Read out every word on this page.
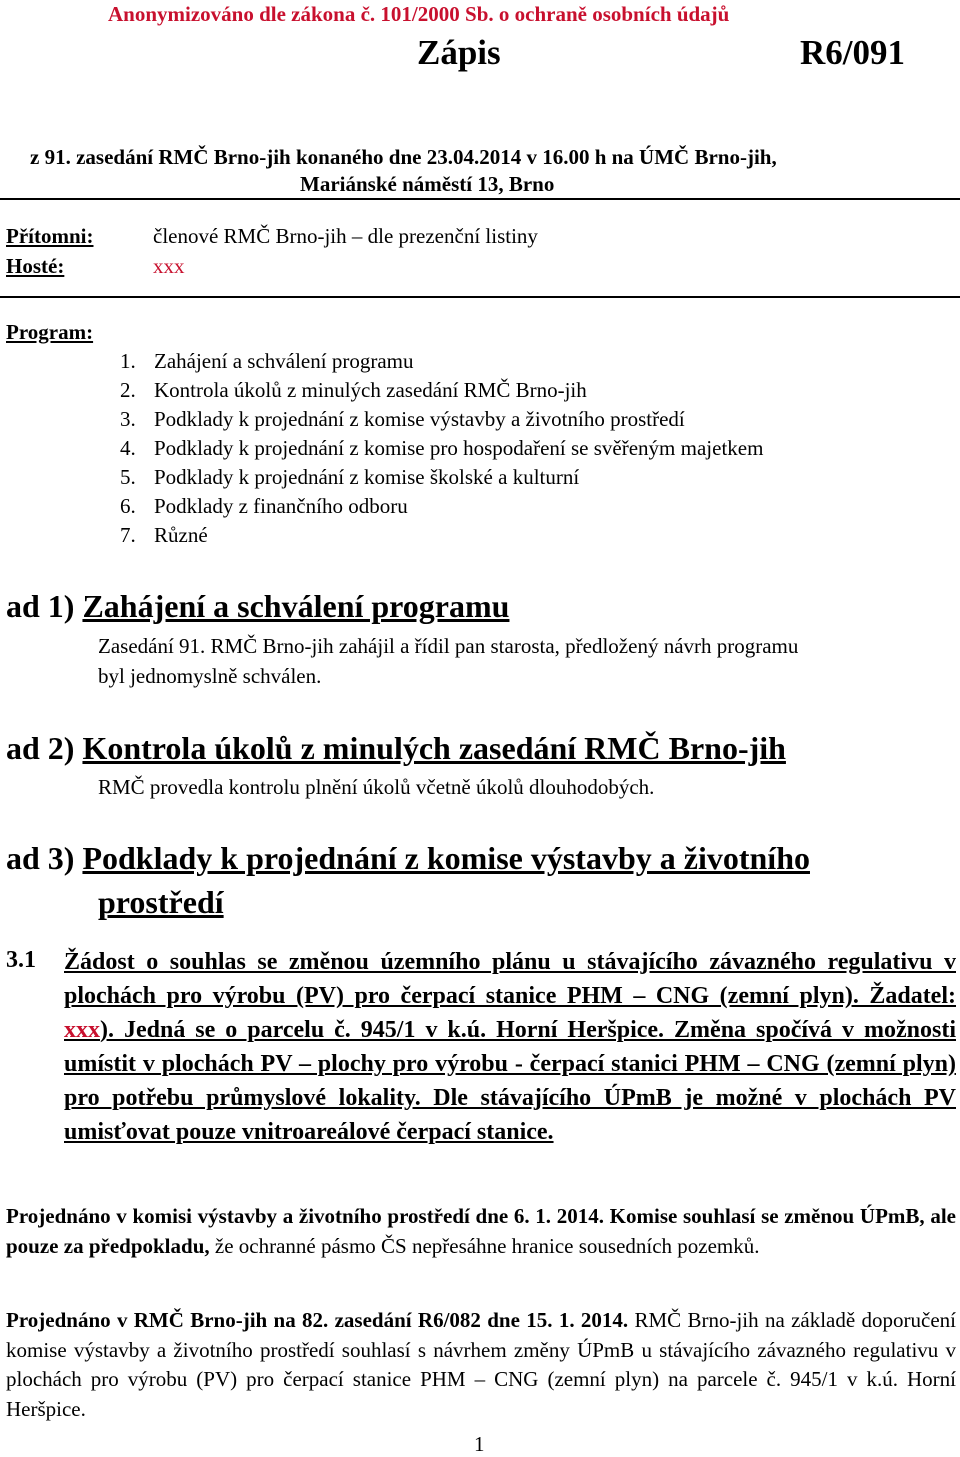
Anonymizováno dle zákona č. 101/2000 Sb. o ochraně osobních údajů
Zápis	R6/091
z 91. zasedání RMČ Brno-jih konaného dne 23.04.2014 v 16.00 h na ÚMČ Brno-jih,
Mariánské náměstí 13, Brno
Přítomni:	členové RMČ Brno-jih – dle prezenční listiny
Hosté:	xxx
Program:
1. Zahájení a schválení programu
2. Kontrola úkolů z minulých zasedání RMČ Brno-jih
3. Podklady k projednání z komise výstavby a životního prostředí
4. Podklady k projednání z komise pro hospodaření se svěřeným majetkem
5. Podklady k projednání z komise školské a kulturní
6. Podklady z finančního odboru
7. Různé
ad 1) Zahájení a schválení programu
Zasedání 91. RMČ Brno-jih zahájil a řídil pan starosta, předložený návrh programu
byl jednomyslně schválen.
ad 2) Kontrola úkolů z minulých zasedání RMČ Brno-jih
RMČ provedla kontrolu plnění úkolů včetně úkolů dlouhodobých.
ad 3) Podklady k projednání z komise výstavby a životního
prostředí
3.1 Žádost o souhlas se změnou územního plánu u stávajícího závazného regulativu v plochách pro výrobu (PV) pro čerpací stanice PHM – CNG (zemní plyn). Žadatel: xxx). Jedná se o parcelu č. 945/1 v k.ú. Horní Heršpice. Změna spočívá v možnosti umístit v plochách PV – plochy pro výrobu - čerpací stanici PHM – CNG (zemní plyn) pro potřebu průmyslové lokality. Dle stávajícího ÚPmB je možné v plochách PV umisťovat pouze vnitroareálové čerpací stanice.
Projednáno v komisi výstavby a životního prostředí dne 6. 1. 2014. Komise souhlasí se změnou ÚPmB, ale pouze za předpokladu, že ochranné pásmo ČS nepřesáhne hranice sousedních pozemků.
Projednáno v RMČ Brno-jih na 82. zasedání R6/082 dne 15. 1. 2014. RMČ Brno-jih na základě doporučení komise výstavby a životního prostředí souhlasí s návrhem změny ÚPmB u stávajícího závazného regulativu v plochách pro výrobu (PV) pro čerpací stanice PHM – CNG (zemní plyn) na parcele č. 945/1 v k.ú. Horní Heršpice.
1
